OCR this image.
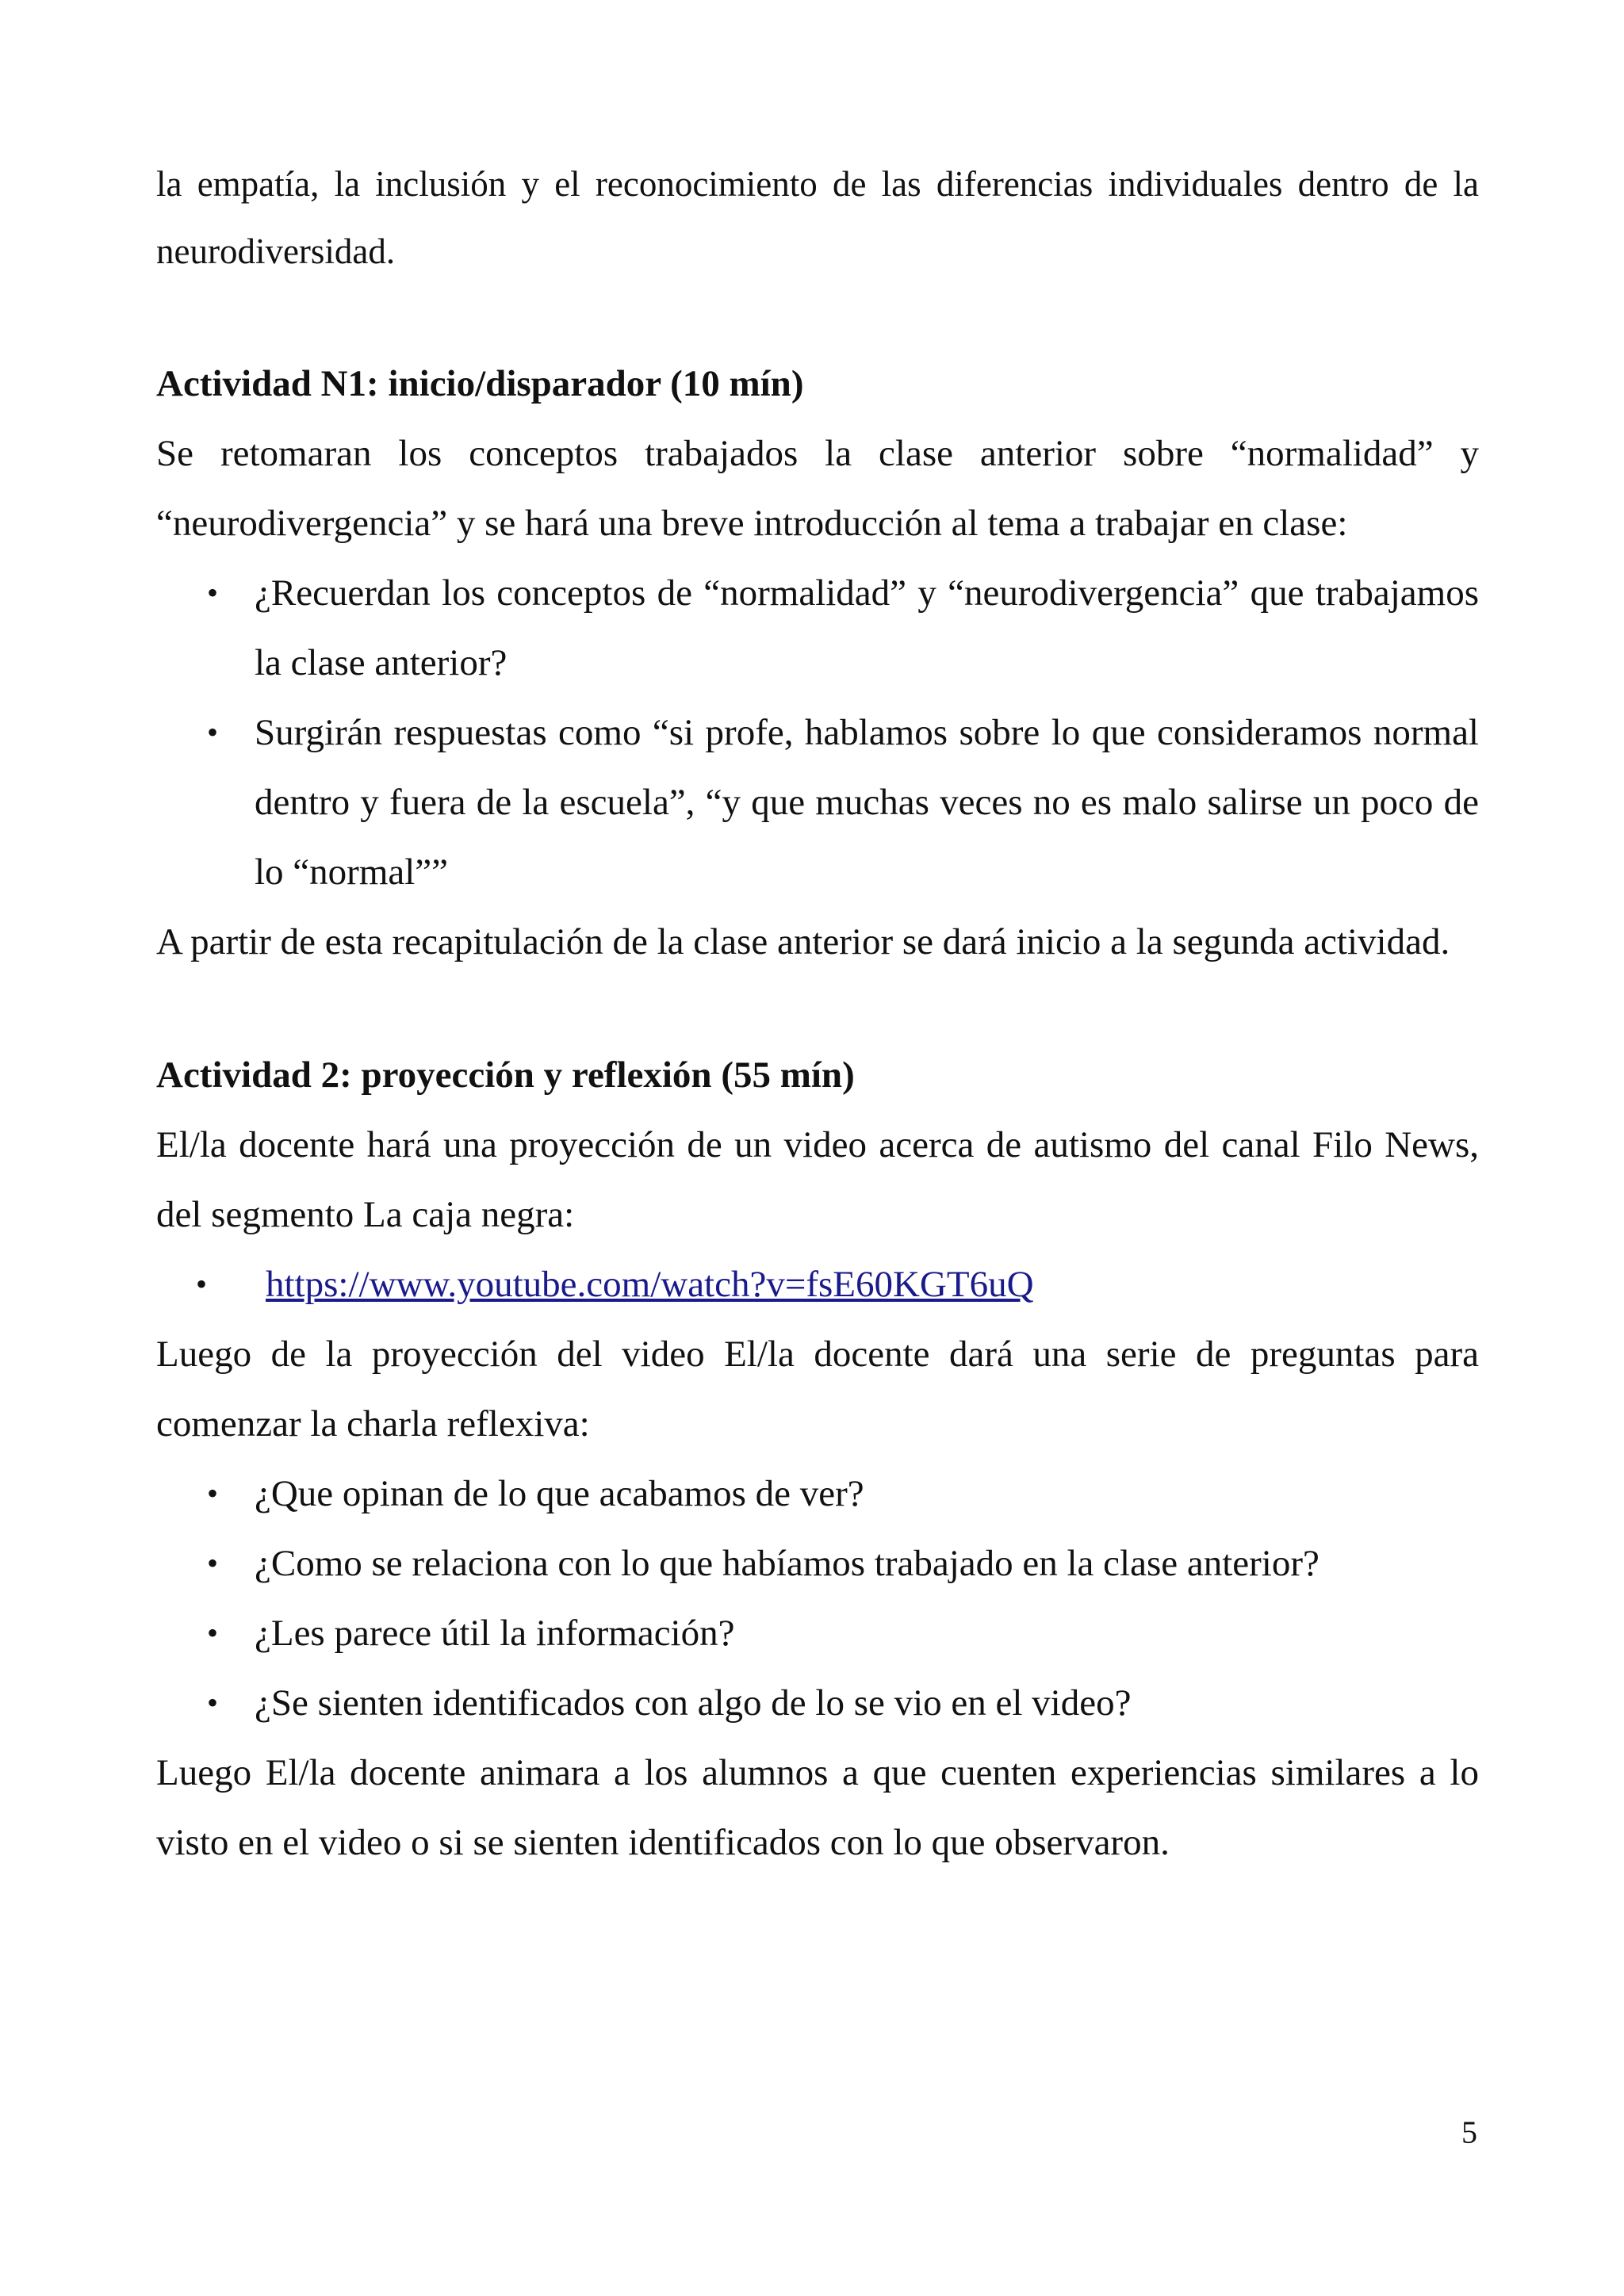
la empatía, la inclusión y el reconocimiento de las diferencias individuales dentro de la neurodiversidad.

Actividad N1: inicio/disparador (10 mín)

Se retomaran los conceptos trabajados la clase anterior sobre “normalidad” y “neurodivergencia” y se hará una breve introducción al tema a trabajar en clase:

• ¿Recuerdan los conceptos de “normalidad” y “neurodivergencia” que trabajamos la clase anterior?
• Surgirán respuestas como “si profe, hablamos sobre lo que consideramos normal dentro y fuera de la escuela”, “y que muchas veces no es malo salirse un poco de lo “normal””

A partir de esta recapitulación de la clase anterior se dará inicio a la segunda actividad.

Actividad 2: proyección y reflexión (55 mín)

El/la docente hará una proyección de un video acerca de autismo del canal Filo News, del segmento La caja negra:

• https://www.youtube.com/watch?v=fsE60KGT6uQ

Luego de la proyección del video El/la docente dará una serie de preguntas para comenzar la charla reflexiva:

• ¿Que opinan de lo que acabamos de ver?
• ¿Como se relaciona con lo que habíamos trabajado en la clase anterior?
• ¿Les parece útil la información?
• ¿Se sienten identificados con algo de lo se vio en el video?

Luego El/la docente animara a los alumnos a que cuenten experiencias similares a lo visto en el video o si se sienten identificados con lo que observaron.

5
